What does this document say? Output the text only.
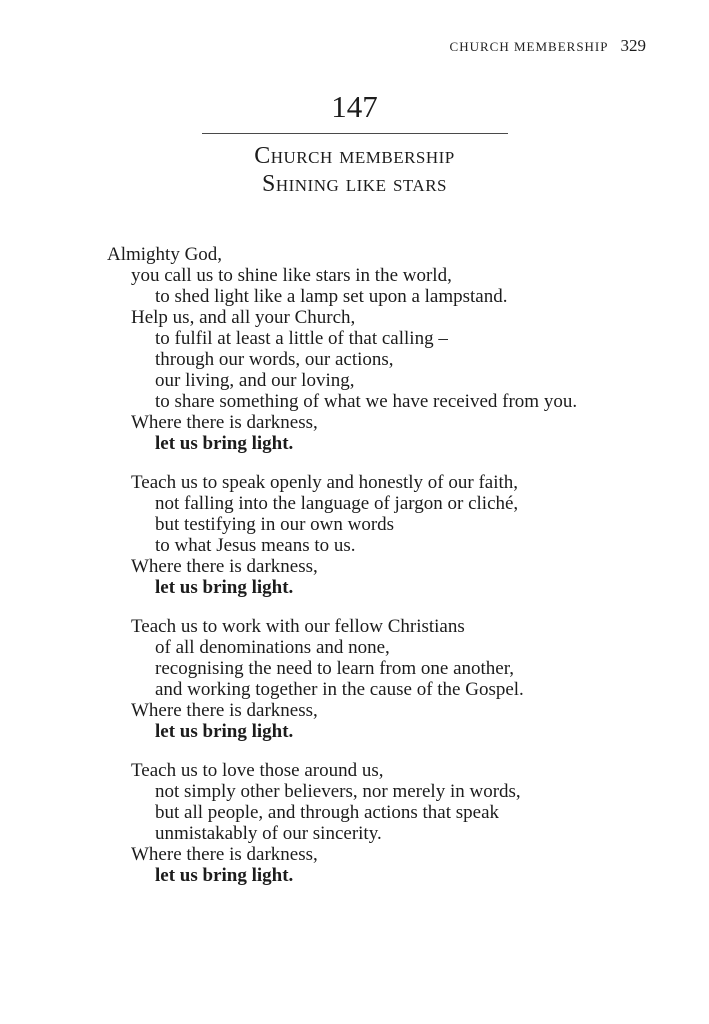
CHURCH MEMBERSHIP 329
147
Church membership
Shining like stars
Almighty God,
you call us to shine like stars in the world,
to shed light like a lamp set upon a lampstand.
Help us, and all your Church,
to fulfil at least a little of that calling –
through our words, our actions,
our living, and our loving,
to share something of what we have received from you.
Where there is darkness,
let us bring light.
Teach us to speak openly and honestly of our faith,
not falling into the language of jargon or cliché,
but testifying in our own words
to what Jesus means to us.
Where there is darkness,
let us bring light.
Teach us to work with our fellow Christians
of all denominations and none,
recognising the need to learn from one another,
and working together in the cause of the Gospel.
Where there is darkness,
let us bring light.
Teach us to love those around us,
not simply other believers, nor merely in words,
but all people, and through actions that speak
unmistakably of our sincerity.
Where there is darkness,
let us bring light.
